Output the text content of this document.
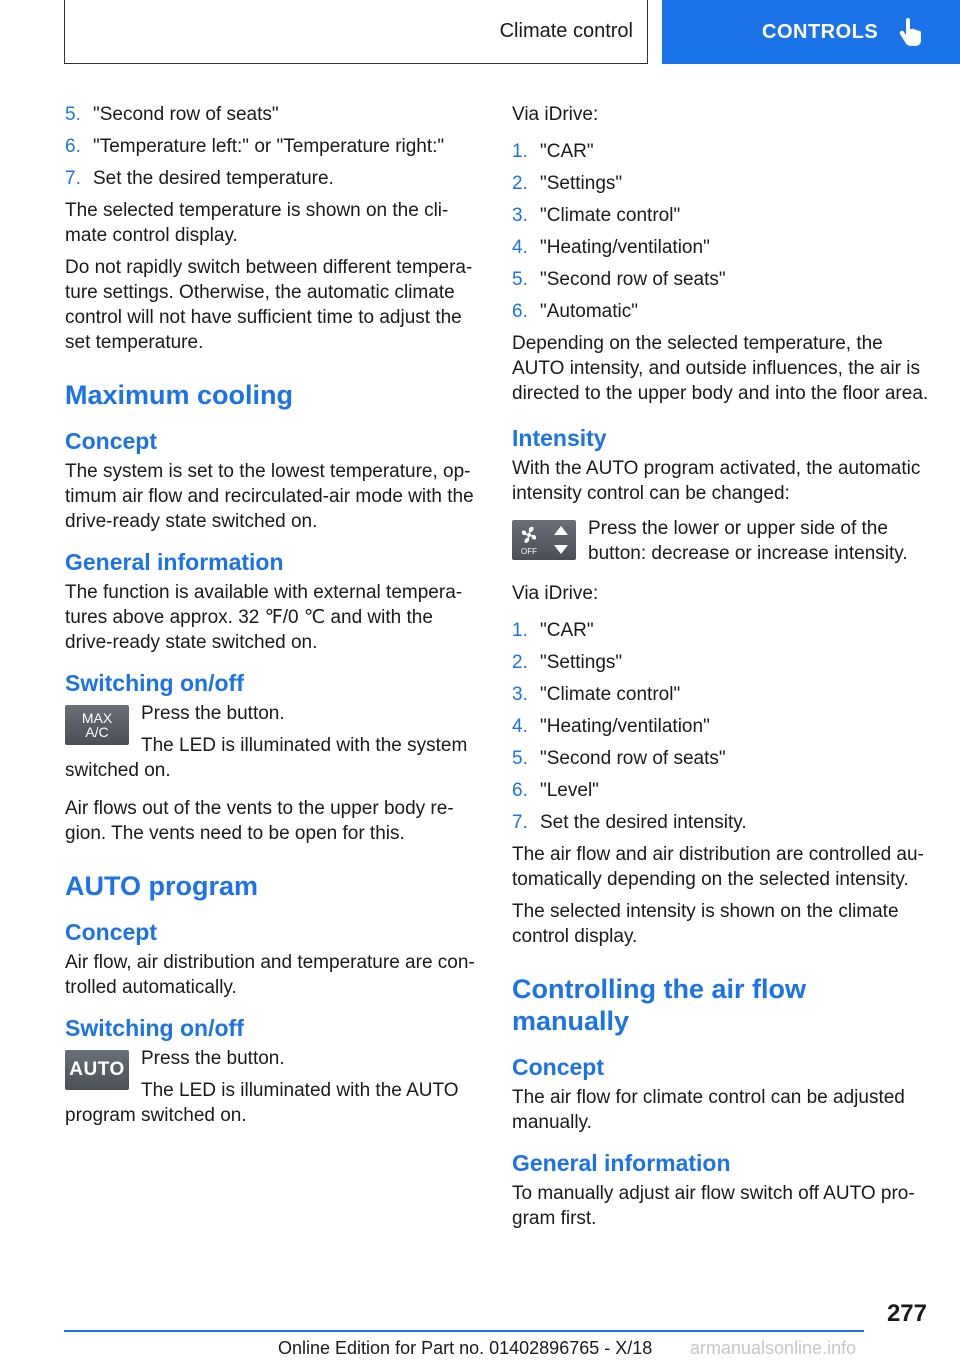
Climate control	CONTROLS
5. "Second row of seats"
6. "Temperature left:" or "Temperature right:"
7. Set the desired temperature.

The selected temperature is shown on the cli‐ mate control display.

Do not rapidly switch between different tempera‐ ture settings. Otherwise, the automatic climate control will not have sufficient time to adjust the set temperature.

Maximum cooling
Concept

The system is set to the lowest temperature, op‐ timum air flow and recirculated-air mode with the drive-ready state switched on.

General information

The function is available with external tempera‐ tures above approx. 32 ℉/0 ℃ and with the drive-ready state switched on.

Switching on/off
MAX
A/C

Press the button.

The LED is illuminated with the system switched on.

Air flows out of the vents to the upper body re‐ gion. The vents need to be open for this.

AUTO program
Concept

Air flow, air distribution and temperature are con‐ trolled automatically.

Switching on/off
AUTO

Press the button.

The LED is illuminated with the AUTO program switched on.

Via iDrive:

1. "CAR"
2. "Settings"
3. "Climate control"
4. "Heating/ventilation"
5. "Second row of seats"
6. "Automatic"

Depending on the selected temperature, the AUTO intensity, and outside influences, the air is directed to the upper body and into the floor area.

Intensity

With the AUTO program activated, the automatic intensity control can be changed:

OFF

Press the lower or upper side of the button: decrease or increase intensity.

Via iDrive:

1. "CAR"
2. "Settings"
3. "Climate control"
4. "Heating/ventilation"
5. "Second row of seats"
6. "Level"
7. Set the desired intensity.

The air flow and air distribution are controlled au‐ tomatically depending on the selected intensity.

The selected intensity is shown on the climate control display.

Controlling the air flow manually
Concept

The air flow for climate control can be adjusted manually.

General information

To manually adjust air flow switch off AUTO pro‐ gram first.

277
Online Edition for Part no. 01402896765 - X/18 armanualsonline.info
